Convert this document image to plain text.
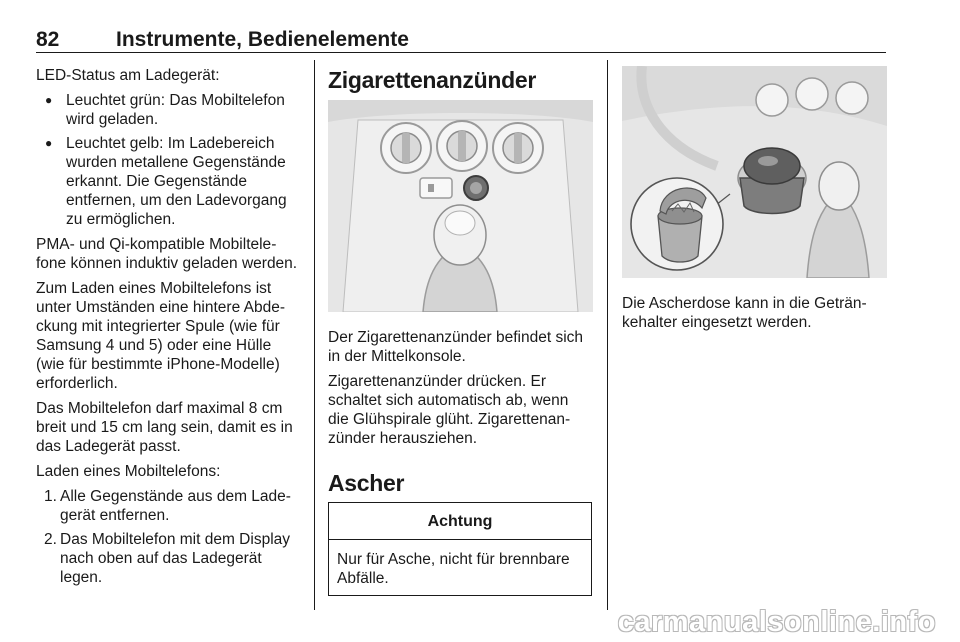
82	Instrumente, Bedienelemente

LED-Status am Ladegerät:

● Leuchtet grün: Das Mobiltelefon wird geladen.
● Leuchtet gelb: Im Ladebereich wurden metallene Gegenstände erkannt. Die Gegenstände entfernen, um den Ladevorgang zu ermöglichen.

PMA- und Qi-kompatible Mobiltelefone können induktiv geladen werden.

Zum Laden eines Mobiltelefons ist unter Umständen eine hintere Abdeckung mit integrierter Spule (wie für Samsung 4 und 5) oder eine Hülle (wie für bestimmte iPhone-Modelle) erforderlich.

Das Mobiltelefon darf maximal 8 cm breit und 15 cm lang sein, damit es in das Ladegerät passt.

Laden eines Mobiltelefons:

1. Alle Gegenstände aus dem Ladegerät entfernen.
2. Das Mobiltelefon mit dem Display nach oben auf das Ladegerät legen.
Zigarettenanzünder

Der Zigarettenanzünder befindet sich in der Mittelkonsole.

Zigarettenanzünder drücken. Er schaltet sich automatisch ab, wenn die Glühspirale glüht. Zigarettenanzünder herausziehen.

Ascher
Achtung
Nur für Asche, nicht für brennbare Abfälle.

Die Ascherdose kann in die Getränkehalter eingesetzt werden.

carmanualsonline.info
